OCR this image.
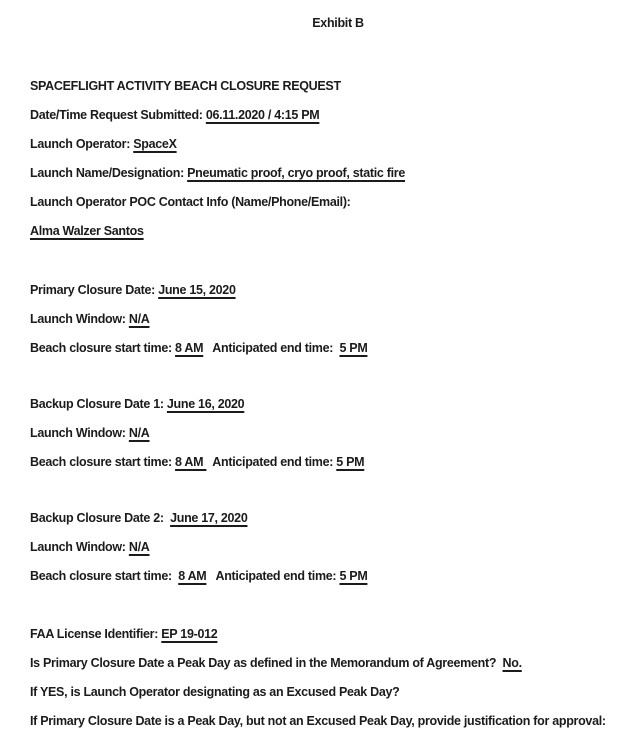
Exhibit B

SPACEFLIGHT ACTIVITY BEACH CLOSURE REQUEST

Date/Time Request Submitted: 06.11.2020 / 4:15 PM

Launch Operator: SpaceX

Launch Name/Designation: Pneumatic proof, cryo proof, static fire

Launch Operator POC Contact Info (Name/Phone/Email):

Alma Walzer Santos

Primary Closure Date: June 15, 2020

Launch Window: N/A

Beach closure start time: 8 AM   Anticipated end time:  5 PM

Backup Closure Date 1: June 16, 2020

Launch Window: N/A

Beach closure start time: 8 AM   Anticipated end time: 5 PM

Backup Closure Date 2:  June 17, 2020

Launch Window: N/A

Beach closure start time:  8 AM   Anticipated end time: 5 PM

FAA License Identifier: EP 19-012

Is Primary Closure Date a Peak Day as defined in the Memorandum of Agreement?  No.

If YES, is Launch Operator designating as an Excused Peak Day?

If Primary Closure Date is a Peak Day, but not an Excused Peak Day, provide justification for approval:
